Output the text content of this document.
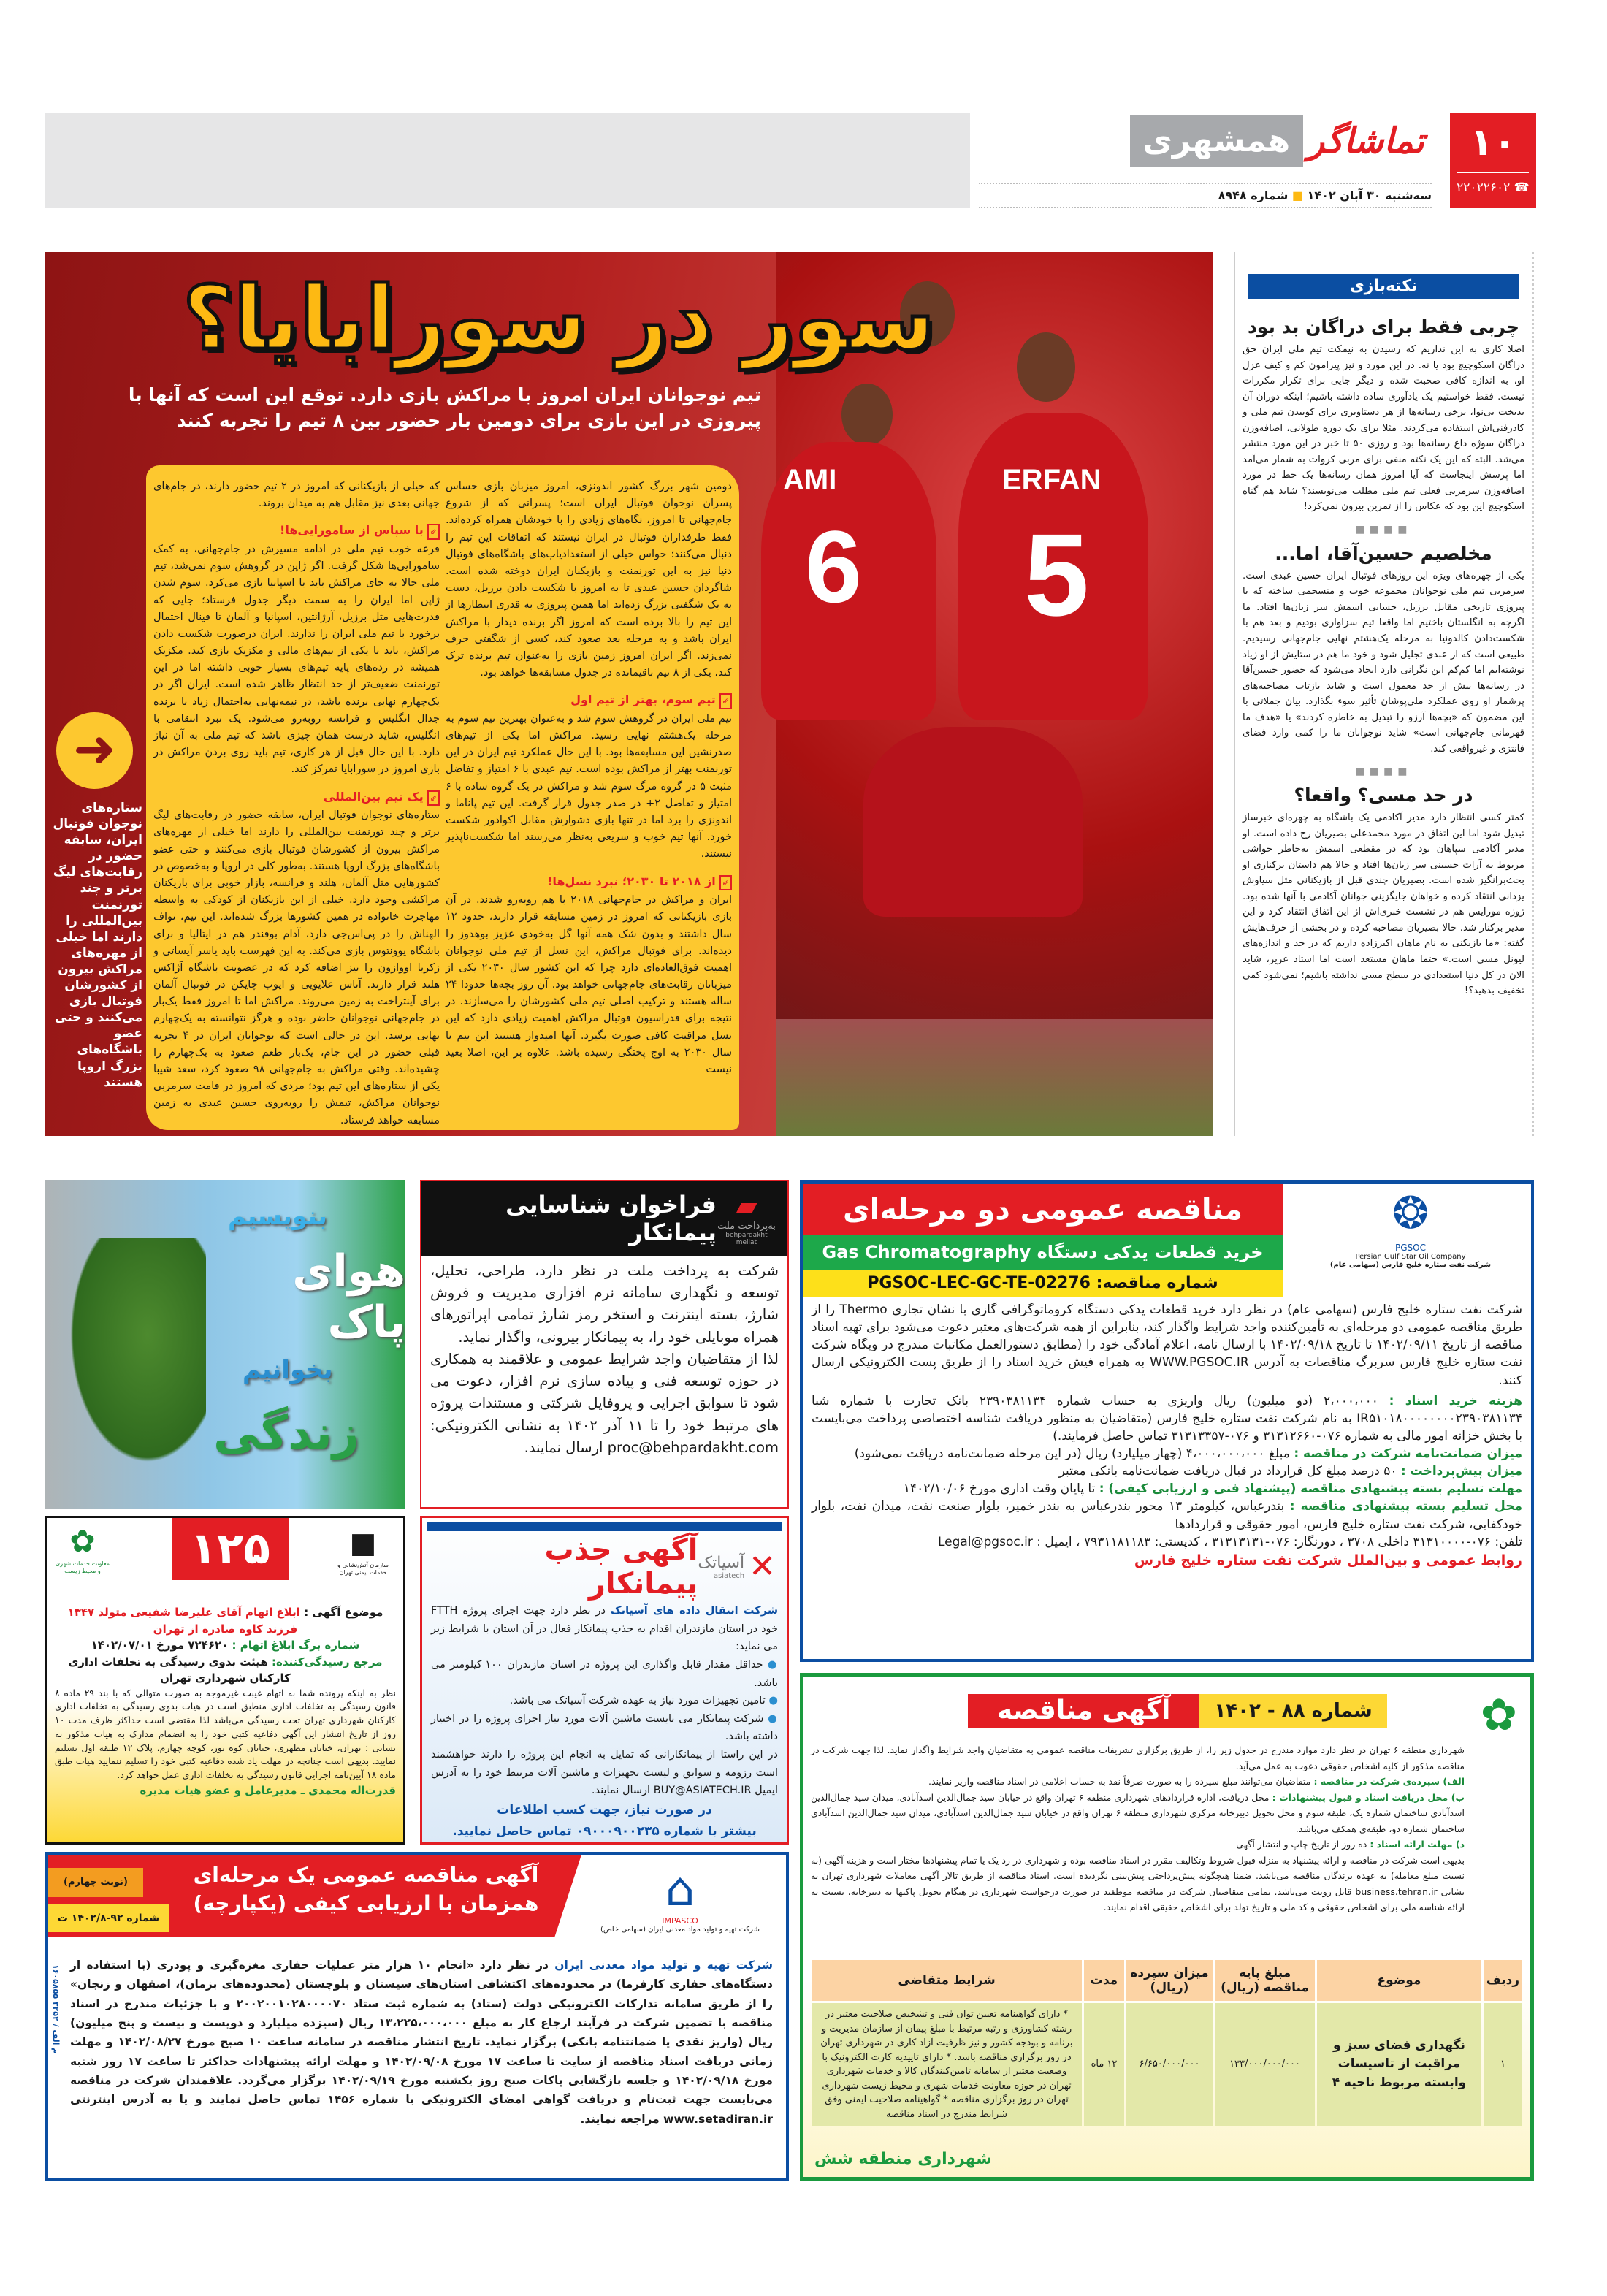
۱۰
☎ ۲۲۰۲۲۶۰۲
تماشاگر
همشهری
سه‌شنبه ۳۰ آبان ۱۴۰۲ ■ شماره ۸۹۴۸
ERFAN
5
AMI
6
سور در سورابایا؟
تیم نوجوانان ایران امروز با مراکش بازی دارد. توقع این است که آنها با پیروزی در این بازی برای دومین بار حضور بین ۸ تیم را تجربه کنند
➜
ستاره‌های نوجوان فوتبال ایران، سابقه حضور در رقابت‌های لیگ برتر و چند تورنمنت بین‌المللی را دارند اما خیلی از مهره‌های مراکش بیرون از کشورشان فوتبال بازی می‌کنند و حتی عضو باشگاه‌های بزرگ اروپا هستند

دومین شهر بزرگ کشور اندونزی، امروز میزبان بازی حساس پسران نوجوان فوتبال ایران است؛ پسرانی که از شروع جام‌جهانی تا امروز، نگاه‌های زیادی را با خودشان همراه کرده‌اند. فقط طرفداران فوتبال در ایران نیستند که اتفاقات این تیم را دنبال می‌کنند؛ حواس خیلی از استعدادیاب‌های باشگاه‌های فوتبال دنیا نیز به این تورنمنت و بازیکنان ایران دوخته شده است. شاگردان حسین عبدی تا به امروز با شکست دادن برزیل، دست به یک شگفتی بزرگ زده‌اند اما همین پیروزی به قدری انتظارها از این تیم را بالا برده است که امروز اگر برنده دیدار با مراکش ایران باشد و به مرحله بعد صعود کند، کسی از شگفتی حرف نمی‌زند. اگر ایران امروز زمین بازی را به‌عنوان تیم برنده ترک کند، یکی از ۸ تیم باقیمانده در جدول مسابقه‌ها خواهد بود.

⇙ تیم سوم، بهتر از تیم اول

تیم ملی ایران در گروهش سوم شد و به‌عنوان بهترین تیم سوم به مرحله یک‌هشتم نهایی رسید. مراکش اما یکی از تیم‌های صدرنشین این مسابقه‌ها بود. با این حال عملکرد تیم ایران در این تورنمنت بهتر از مراکش بوده است. تیم عبدی با ۶ امتیاز و تفاضل مثبت ۵ در گروه مرگ سوم شد و مراکش در یک گروه ساده با ۶ امتیاز و تفاضل ۲+ در صدر جدول قرار گرفت. این تیم پاناما و اندونزی را برد اما در تنها بازی دشوارش مقابل اکوادور شکست خورد. آنها تیم خوب و سریعی به‌نظر می‌رسند اما شکست‌ناپذیر نیستند.

⇙ از ۲۰۱۸ تا ۲۰۳۰؛ نبرد نسل‌ها!

ایران و مراکش در جام‌جهانی ۲۰۱۸ با هم روبه‌رو شدند. در آن بازی بازیکنانی که امروز در زمین مسابقه قرار دارند، حدود ۱۲ سال داشتند و بدون شک همه آنها گل به‌خودی عزیز بوهدوز را دیده‌اند. برای فوتبال مراکش، این نسل از تیم ملی نوجوانان اهمیت فوق‌العاده‌ای دارد چرا که این کشور سال ۲۰۳۰ یکی از میزبانان رقابت‌های جام‌جهانی خواهد بود. آن روز بچه‌ها حدودا ۲۴ ساله هستند و ترکیب اصلی تیم ملی کشورشان را می‌سازند. در نتیجه برای فدراسیون فوتبال مراکش اهمیت زیادی دارد که این نسل مراقبت کافی صورت بگیرد. آنها امیدوار هستند این تیم تا سال ۲۰۳۰ به اوج پختگی رسیده باشد. علاوه بر این، اصلا بعید نیست

که خیلی از بازیکنانی که امروز در ۲ تیم حضور دارند، در جام‌های جهانی بعدی نیز مقابل هم به میدان بروند.

⇙ با سپاس از سامورایی‌ها!

قرعه خوب تیم ملی در ادامه مسیرش در جام‌جهانی، به کمک سامورایی‌ها شکل گرفت. اگر ژاپن در گروهش سوم نمی‌شد، تیم ملی حالا به جای مراکش باید با اسپانیا بازی می‌کرد. سوم شدن ژاپن اما ایران را به سمت دیگر جدول فرستاد؛ جایی که قدرت‌هایی مثل برزیل، آرژانتین، اسپانیا و آلمان تا فینال احتمال برخورد با تیم ملی ایران را ندارند. ایران درصورت شکست دادن مراکش، باید با یکی از تیم‌های مالی و مکزیک بازی کند. مکزیک همیشه در رده‌های پایه تیم‌های بسیار خوبی داشته اما در این تورنمنت ضعیف‌تر از حد انتظار ظاهر شده است. ایران اگر در یک‌چهارم نهایی برنده باشد، در نیمه‌نهایی به‌احتمال زیاد با برنده جدال انگلیس و فرانسه روبه‌رو می‌شود. یک نبرد انتقامی با انگلیس، شاید درست همان چیزی باشد که تیم ملی به آن نیاز دارد. با این حال قبل از هر کاری، تیم باید روی بردن مراکش در بازی امروز در سورابایا تمرکز کند.

⇙ یک تیم بین‌المللی

ستاره‌های نوجوان فوتبال ایران، سابقه حضور در رقابت‌های لیگ برتر و چند تورنمنت بین‌المللی را دارند اما خیلی از مهره‌های مراکش بیرون از کشورشان فوتبال بازی می‌کنند و حتی عضو باشگاه‌های بزرگ اروپا هستند. به‌طور کلی در اروپا و به‌خصوص در کشورهایی مثل آلمان، هلند و فرانسه، بازار خوبی برای بازیکنان مراکشی وجود دارد. خیلی از این بازیکنان از کودکی به واسطه مهاجرت خانواده در همین کشورها بزرگ شده‌اند. این تیم، نواف الهناش را در پی‌اس‌جی دارد، آدام بوفندر هم در ایتالیا و برای باشگاه یوونتوس بازی می‌کند. به این فهرست باید یاسر آیساتی و زکریا اووازون را نیز اضافه کرد که در عضویت باشگاه آژاکس هلند قرار دارند. آناس علایویی و ایوب چایکن در فوتبال آلمان برای آینتراخت به زمین می‌روند. مراکش اما تا امروز فقط یک‌بار در جام‌جهانی نوجوانان حاضر بوده و هرگز نتوانسته به یک‌چهارم نهایی برسد. این در حالی است که نوجوانان ایران در ۴ تجربه قبلی حضور در این جام، یک‌بار طعم صعود به یک‌چهارم را چشیده‌اند. وقتی مراکش به جام‌جهانی ۹۸ صعود کرد، سعد شیبا یکی از ستاره‌های این تیم بود؛ مردی که امروز در قامت سرمربی نوجوانان مراکش، تیمش را روبه‌روی حسین عبدی به زمین مسابقه خواهد فرستاد.

نکته‌بازی
چربی فقط برای دراگان بد بود

اصلا کاری به این نداریم که رسیدن به نیمکت تیم ملی ایران حق دراگان اسکوچیچ بود یا نه. در این مورد و نیز پیرامون کم و کیف عزل او، به اندازه کافی صحبت شده و دیگر جایی برای تکرار مکررات نیست. فقط خواستیم یک یادآوری ساده داشته باشیم؛ اینکه دوران آن بدبخت بی‌نوا، برخی رسانه‌ها از هر دستاویزی برای کوبیدن تیم ملی و کادرفنی‌اش استفاده می‌کردند. مثلا برای یک دوره طولانی، اضافه‌وزن دراگان سوژه داغ رسانه‌ها بود و روزی ۵۰ تا خبر در این مورد منتشر می‌شد. البته که این یک نکته منفی برای مربی کروات به شمار می‌آمد اما پرسش اینجاست که آیا امروز همان رسانه‌ها یک خط در مورد اضافه‌وزن سرمربی فعلی تیم ملی مطلب می‌نویسند؟ شاید هم گناه اسکوچیچ این بود که عکاس را از تمرین بیرون نمی‌کرد!

■■■■
مخلصیم حسین‌آقا، اما...

یکی از چهره‌های ویژه این روزهای فوتبال ایران حسین عبدی است. سرمربی تیم ملی نوجوانان مجموعه خوب و منسجمی ساخته که با پیروزی تاریخی مقابل برزیل، حسابی اسمش سر زبان‌ها افتاد. ما اگرچه به انگلستان باختیم اما واقعا تیم سزاواری بودیم و بعد هم با شکست‌دادن کالدونیا به مرحله یک‌هشتم نهایی جام‌جهانی رسیدیم. طبیعی است که از عبدی تجلیل شود و خود ما هم در ستایش از او زیاد نوشته‌ایم اما کم‌کم این نگرانی دارد ایجاد می‌شود که حضور حسین‌آقا در رسانه‌ها بیش از حد معمول است و شاید بازتاب مصاحبه‌های پرشمار او روی عملکرد ملی‌پوشان تأثیر سوء بگذارد. بیان جملاتی با این مضمون که «بچه‌ها آرزو را تبدیل به خاطره کردند» یا «هدف ما قهرمانی جام‌جهانی است» شاید نوجوانان ما را کمی وارد فضای فانتزی و غیرواقعی کند.

■■■■
در حد مسی؟ واقعا؟

کمتر کسی انتظار دارد مدیر آکادمی یک باشگاه به چهره‌ای خبرساز تبدیل شود اما این اتفاق در مورد محمدعلی بصیریان رخ داده است. او مدیر آکادمی سپاهان بود که در مقطعی اسمش به‌خاطر حواشی مربوط به آرات حسینی سر زبان‌ها افتاد و حالا هم داستان برکناری او بحث‌برانگیز شده است. بصیریان چندی قبل از بازیکنانی مثل سیاوش یزدانی انتقاد کرده و خواهان جایگزینی جوانان آکادمی با آنها شده بود. ژوزه مورایس هم در نشست خبری‌اش از این اتفاق انتقاد کرد و این مدیر برکنار شد. حالا بصیریان مصاحبه کرده و در بخشی از حرف‌هایش گفته: «ما بازیکنی به نام ماهان اکبرزاده داریم که در حد و اندازه‌های لیونل مسی است.» حتما ماهان مستعد است اما استاد عزیز، شاید الان در کل دنیا استعدادی در سطح مسی نداشته باشیم؛ نمی‌شود کمی تخفیف بدهید؟!

بنویسیم
هوای پاک
بخوانیم
زندگی
▰
به‌پرداخت ملت
behpardakht mellat
فراخوان شناسایی پیمانکار

شرکت به پرداخت ملت در نظر دارد، طراحی، تحلیل، توسعه و نگهداری سامانه نرم افزاری مدیریت و فروش شارژ، بسته اینترنت و استخر رمز شارژ تمامی اپراتورهای همراه موبایلی خود را، به پیمانکار بیرونی، واگذار نماید.

لذا از متقاضیان واجد شرایط عمومی و علاقمند به همکاری در حوزه توسعه فنی و پیاده سازی نرم افزار، دعوت می شود تا سوابق اجرایی و پروفایل شرکتی و مستندات پروژه های مرتبط خود را تا ۱۱ آذر ۱۴۰۲ به نشانی الکترونیکی: proc@behpardakht.com ارسال نمایند.

❂
PGSOC
Persian Gulf Star Oil Company
شرکت نفت ستاره خلیج فارس (سهامی عام)
مناقصه عمومی دو مرحله‌ای
خرید قطعات یدکی دستگاه Gas Chromatography
شماره مناقصه: PGSOC-LEC-GC-TE-02276

شرکت نفت ستاره خلیج فارس (سهامی عام) در نظر دارد خرید قطعات یدکی دستگاه کروماتوگرافی گازی با نشان تجاری Thermo را از طریق مناقصه عمومی دو مرحله‌ای به تأمین‌کننده واجد شرایط واگذار کند، بنابراین از همه شرکت‌های معتبر دعوت می‌شود برای تهیه اسناد مناقصه از تاریخ ۱۴۰۲/۰۹/۱۱ تا تاریخ ۱۴۰۲/۰۹/۱۸ با ارسال نامه، اعلام آمادگی خود را (مطابق دستورالعمل مکاتبات مندرج در وبگاه شرکت نفت ستاره خلیج فارس سربرگ مناقصات به آدرس WWW.PGSOC.IR به همراه فیش خرید اسناد را از طریق پست الکترونیکی ارسال کنند.

هزینه خرید اسناد : ۲،۰۰۰،۰۰۰ (دو میلیون) ریال واریزی به حساب شماره ۲۳۹۰۳۸۱۱۳۴ بانک تجارت با شماره شبا IR۵۱۰۱۸۰۰۰۰۰۰۰۰۲۳۹۰۳۸۱۱۳۴ به نام شرکت نفت ستاره خلیج فارس (متقاضیان به منظور دریافت شناسه اختصاصی پرداخت می‌بایست با بخش خزانه امور مالی به شماره ۰۷۶-۳۱۳۱۲۶۶۰ و ۰۷۶-۳۱۳۱۳۳۵۷ تماس حاصل فرمایند.)

میزان ضمانت‌نامه شرکت در مناقصه : مبلغ ۴،۰۰۰،۰۰۰،۰۰۰ (چهار میلیارد) ریال (در این مرحله ضمانت‌نامه دریافت نمی‌شود)

میزان پیش‌پرداخت : ۵۰ درصد مبلغ کل قرارداد در قبال دریافت ضمانت‌نامه بانکی معتبر

مهلت تسلیم بسته پیشنهادی مناقصه (پیشنهاد فنی و ارزیابی کیفی) : تا پایان وقت اداری مورخ ۱۴۰۲/۱۰/۰۶

محل تسلیم بسته پیشنهادی مناقصه : بندرعباس، کیلومتر ۱۳ محور بندرعباس به بندر خمیر، بلوار صنعت نفت، میدان نفت، بلوار خودکفایی، شرکت نفت ستاره خلیج فارس، امور حقوقی و قراردادها

تلفن: ۰۷۶-۳۱۳۱۰۰۰۰ داخلی ۳۷۰۸ ، دورنگار: ۰۷۶-۳۱۳۱۳۱۳۱ ، کدپستی: ۷۹۳۱۱۸۱۱۸۳ ، ایمیل : Legal@pgsoc.ir

روابط عمومی و بین‌الملل شرکت نفت ستاره خلیج فارس

◼
سازمان آتش‌نشانی و خدمات ایمنی تهران
۱۲۵
✿
معاونت خدمات شهری و محیط زیست

موضوع آگهی : ابلاغ اتهام آقای علیرضا شفیعی متولد ۱۳۴۷ فرزند کاوه صادره از تهران

شماره برگ ابلاغ اتهام : ۷۲۴۶۲۰ مورخ ۱۴۰۲/۰۷/۰۱

مرجع رسیدگی‌کننده: هیئت بدوی رسیدگی به تخلفات اداری کارکنان شهرداری تهران

نظر به اینکه پرونده شما به اتهام غیبت غیرموجه به صورت متوالی که با بند ۲۹ ماده ۸ قانون رسیدگی به تخلفات اداری منطبق است در هیات بدوی رسیدگی به تخلفات اداری کارکنان شهرداری تهران تحت رسیدگی می‌باشد لذا مقتضی است حداکثر ظرف مدت ۱۰ روز از تاریخ انتشار این آگهی دفاعیه کتبی خود را به انضمام مدارک به هیات مذکور به نشانی : تهران، خیابان مطهری، خیابان کوه نور، کوچه چهارم، پلاک ۱۲ طبقه اول تسلیم نمایید. بدیهی است چنانچه در مهلت یاد شده دفاعیه کتبی خود را تسلیم ننمایید هیات طبق ماده ۱۸ آیین‌نامه اجرایی قانون رسیدگی به تخلفات اداری عمل خواهد کرد.

قدرت‌اله محمدی ـ مدیرعامل و عضو هیات مدیره

✕
آسیاتک
asiatech
آگهی جذب پیمانکار

شرکت انتقال داده های آسیاتک در نظر دارد جهت اجرای پروژه FTTH خود در استان مازندران اقدام به جذب پیمانکار فعال در آن استان با شرایط زیر می نماید:

● حداقل مقدار قابل واگذاری این پروژه در استان مازندران ۱۰۰ کیلومتر می باشد.

● تامین تجهیزات مورد نیاز به عهده شرکت آسیاتک می باشد.

● شرکت پیمانکار می بایست ماشین آلات مورد نیاز اجرای پروژه را در اختیار داشته باشد.

در این راستا از پیمانکارانی که تمایل به انجام این پروژه را دارند خواهشمند است رزومه و سوابق و لیست تجهیزات و ماشین آلات مرتبط خود را به آدرس ایمیل BUY@ASIATECH.IR ارسال نمایند.

در صورت نیاز، جهت کسب اطلاعات

بیشتر با شماره ۰۹۰۰۰۹۰۰۲۳۵ تماس حاصل نمایید.

✿
شماره ۸۸ - ۱۴۰۲
آگهی مناقصه

شهرداری منطقه ۶ تهران در نظر دارد موارد مندرج در جدول زیر را، از طریق برگزاری تشریفات مناقصه عمومی به متقاضیان واجد شرایط واگذار نماید. لذا جهت شرکت در مناقصه مذکور از کلیه اشخاص حقوقی دعوت به عمل می‌آید.

الف) سپرده‌ی شرکت در مناقصه : متقاضیان می‌توانند مبلغ سپرده را به صورت صرفاً نقد به حساب اعلامی در اسناد مناقصه واریز نمایند.

ب) محل دریافت اسناد و قبول پیشنهادات : محل دریافت، اداره قراردادهای شهرداری منطقه ۶ تهران واقع در خیابان سید جمال‌الدین اسدآبادی، میدان سید جمال‌الدین اسدآبادی ساختمان شماره یک، طبقه سوم و محل تحویل دبیرخانه مرکزی شهرداری منطقه ۶ تهران واقع در خیابان سید جمال‌الدین اسدآبادی، میدان سید جمال‌الدین اسدآبادی ساختمان شماره دو، طبقه‌ی همکف می‌باشد.

د) مهلت ارائه اسناد : ده روز از تاریخ چاپ و انتشار آگهی

بدیهی است شرکت در مناقصه و ارائه پیشنهاد به منزله قبول شروط وتکالیف مقرر در اسناد مناقصه بوده و شهرداری در رد یک یا تمام پیشنهادها مختار است و هزینه آگهی (به نسبت مبلغ معامله) به عهده برندگان مناقصه می‌باشد. ضمنا هیچگونه پیش‌پرداختی پیش‌بینی نگردیده است. اسناد مناقصه از طریق تالار آگهی معاملات شهرداری تهران به نشانی business.tehran.ir قابل رویت می‌باشد. تمامی متقاضیان شرکت در مناقصه موظفند در صورت درخواست شهرداری در هنگام تحویل پاکتها به دبیرخانه، نسبت به ارائه شناسه ملی برای اشخاص حقوقی و کد ملی و تاریخ تولد برای اشخاص حقیقی اقدام نمایند.

ردیف	موضوع	مبلغ پایه مناقصه (ریال)	میزان سپرده (ریال)	مدت	شرایط متقاضی
۱	نگهداری فضای سبز و مراقبت از تاسیسات وابسته مربوط ناحیه ۴	۱۳۳/۰۰۰/۰۰۰/۰۰۰	۶/۶۵۰/۰۰۰/۰۰۰	۱۲ ماه	* دارای گواهینامه تعیین توان فنی و تشخیص صلاحیت معتبر در رشته کشاورزی و رتبه مرتبط با مبلغ پیمان از سازمان مدیریت و برنامه و بودجه کشور و نیز ظرفیت آزاد کاری در شهرداری تهران در روز برگزاری مناقصه باشد. * دارای تاییدیه کارت الکترونیک با وضعیت معتبر از سامانه تامین‌کنندگان کالا و خدمات شهرداری تهران در حوزه معاونت خدمات شهری و محیط زیست شهرداری تهران در روز برگزاری مناقصه * گواهینامه صلاحیت ایمنی وفق شرایط مندرج در اسناد مناقصه
شهرداری منطقه شش
⌂
IMPASCO
شرکت تهیه و تولید مواد معدنی ایران (سهامی خاص)
آگهی مناقصه عمومی یک مرحله‌ای
همزمان با ارزیابی کیفی (یکپارچه)
(نوبت چهارم)
شماره ۹۲-۱۴۰۲/۸ ت

شرکت تهیه و تولید مواد معدنی ایران در نظر دارد «انجام ۱۰ هزار متر عملیات حفاری مغزه‌گیری و پودری (با استفاده از دستگاه‌های حفاری کارفرما) در محدوده‌های اکتشافی استان‌های سیستان و بلوچستان (محدوده‌های بزمان)، اصفهان و زنجان» را از طریق سامانه تدارکات الکترونیکی دولت (ستاد) به شماره ثبت ستاد ۲۰۰۲۰۰۱۰۲۸۰۰۰۰۷۰ و با جزئیات مندرج در اسناد مناقصه با تضمین شرکت در فرآیند ارجاع کار به مبلغ ۱۳،۲۲۵،۰۰۰،۰۰۰ ریال (سیزده میلیارد و دویست و بیست و پنج میلیون) ریال (واریز نقدی یا ضمانتنامه بانکی) برگزار نماید. تاریخ انتشار مناقصه در سامانه ساعت ۱۰ صبح مورخ ۱۴۰۲/۰۸/۲۷ و مهلت زمانی دریافت اسناد مناقصه از سایت تا ساعت ۱۷ مورخ ۱۴۰۲/۰۹/۰۸ و مهلت ارائه پیشنهادات حداکثر تا ساعت ۱۷ روز شنبه مورخ ۱۴۰۲/۰۹/۱۸ و جلسه بازگشایی پاکات صبح روز یکشنبه مورخ ۱۴۰۲/۰۹/۱۹ برگزار می‌گردد. علاقمندان شرکت در مناقصه می‌بایست جهت ثبت‌نام و دریافت گواهی امضای الکترونیکی با شماره ۱۴۵۶ تماس حاصل نمایند و یا به آدرس اینترنتی www.setadiran.ir مراجعه نمایند.

م الف / ۳۲۵۲ ۱۶۰۵۸۵۵
